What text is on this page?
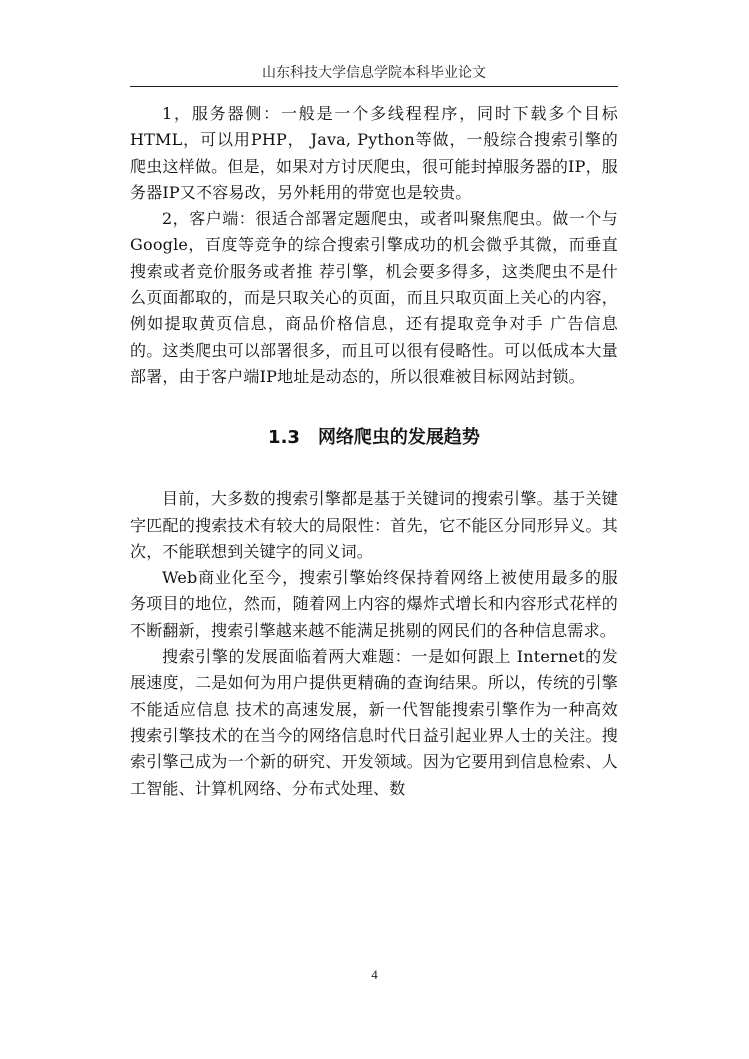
山东科技大学信息学院本科毕业论文

1，服务器侧：一般是一个多线程程序，同时下载多个目标HTML，可以用PHP， Java, Python等做，一般综合搜索引擎的爬虫这样做。但是，如果对方讨厌爬虫，很可能封掉服务器的IP，服务器IP又不容易改，另外耗用的带宽也是较贵。

2，客户端：很适合部署定题爬虫，或者叫聚焦爬虫。做一个与Google，百度等竞争的综合搜索引擎成功的机会微乎其微，而垂直搜索或者竞价服务或者推 荐引擎，机会要多得多，这类爬虫不是什么页面都取的，而是只取关心的页面，而且只取页面上关心的内容，例如提取黄页信息，商品价格信息，还有提取竞争对手 广告信息的。这类爬虫可以部署很多，而且可以很有侵略性。可以低成本大量部署，由于客户端IP地址是动态的，所以很难被目标网站封锁。

1.3 网络爬虫的发展趋势

目前，大多数的搜索引擎都是基于关键词的搜索引擎。基于关键字匹配的搜索技术有较大的局限性：首先，它不能区分同形异义。其次，不能联想到关键字的同义词。

Web商业化至今，搜索引擎始终保持着网络上被使用最多的服务项目的地位，然而，随着网上内容的爆炸式增长和内容形式花样的不断翻新，搜索引擎越来越不能满足挑剔的网民们的各种信息需求。

搜索引擎的发展面临着两大难题：一是如何跟上 Internet的发展速度，二是如何为用户提供更精确的查询结果。所以，传统的引擎不能适应信息 技术的高速发展，新一代智能搜索引擎作为一种高效搜索引擎技术的在当今的网络信息时代日益引起业界人士的关注。搜索引擎己成为一个新的研究、开发领域。因为它要用到信息检索、人工智能、计算机网络、分布式处理、数

4
